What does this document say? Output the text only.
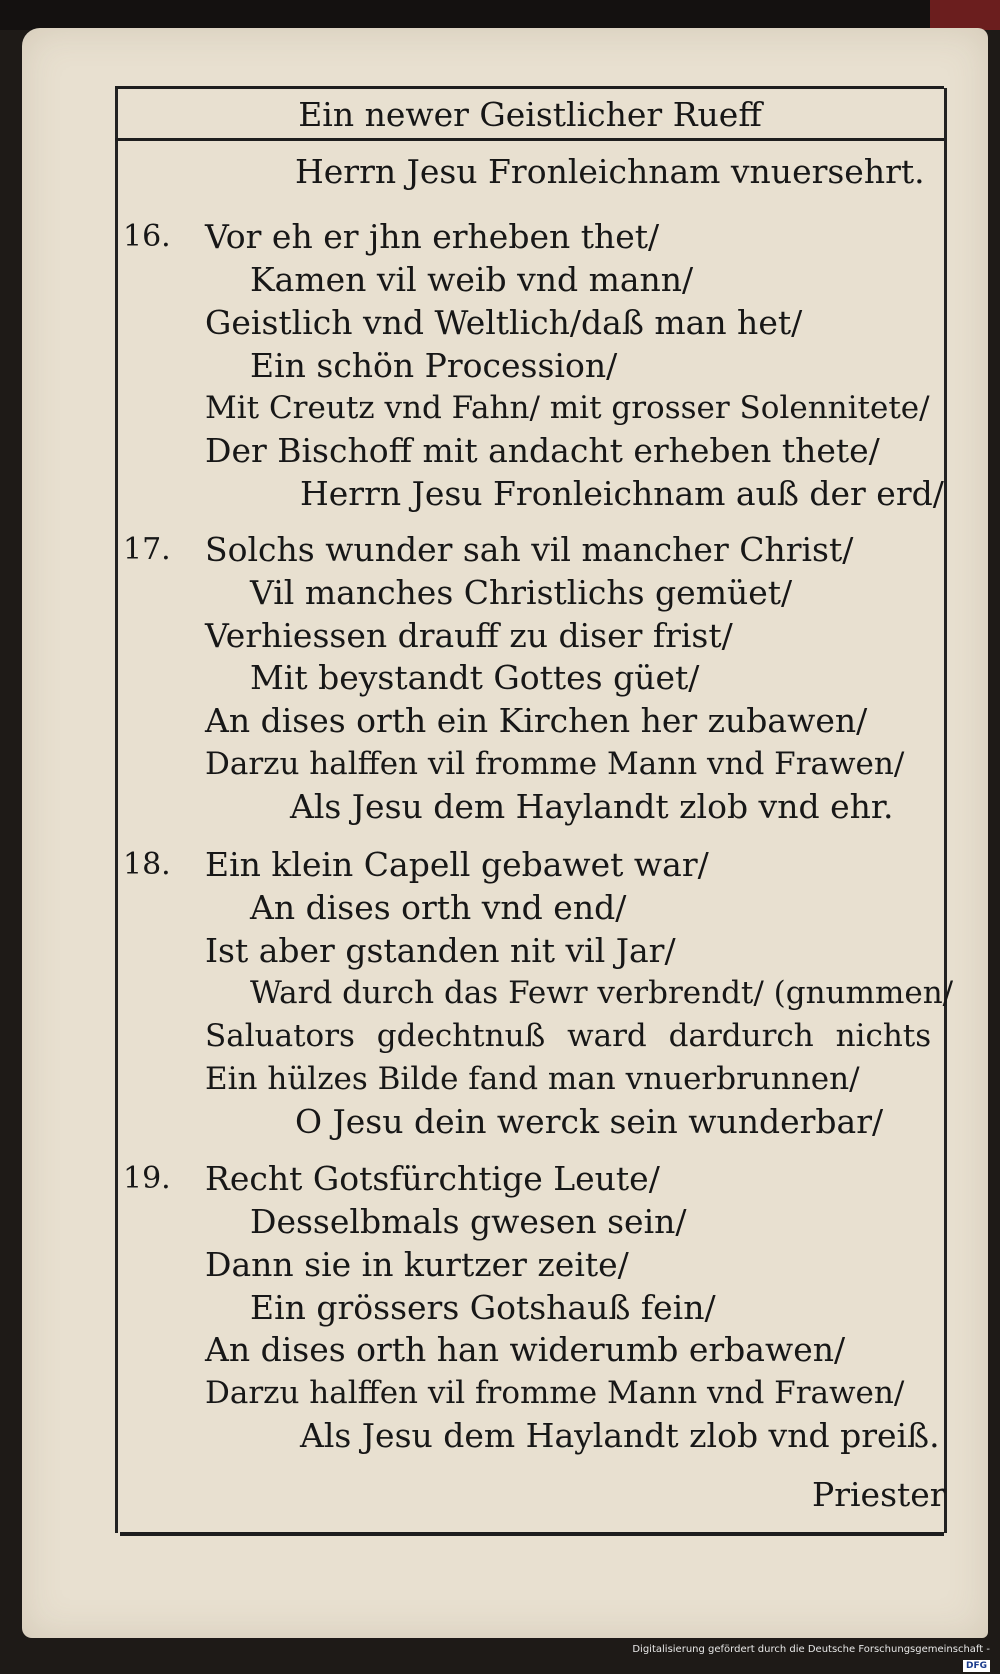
Ein newer Geistlicher Rueff
Herrn Jesu Fronleichnam vnuersehrt.
16. Vor eh er jhn erheben thet/
Kamen vil weib vnd mann/
Geistlich vnd Weltlich/daß man het/
Ein schön Procession/
Mit Creutz vnd Fahn/ mit grosser Solennitete/
Der Bischoff mit andacht erheben thete/
Herrn Jesu Fronleichnam auß der erd/
17. Solchs wunder sah vil mancher Christ/
Vil manches Christlichs gemüet/
Verhiessen drauff zu diser frist/
Mit beystandt Gottes güet/
An dises orth ein Kirchen her zubawen/
Darzu halffen vil fromme Mann vnd Frawen/
Als Jesu dem Haylandt zlob vnd ehr.
18. Ein klein Capell gebawet war/
An dises orth vnd end/
Ist aber gstanden nit vil Jar/
Ward durch das Fewr verbrendt/ (gnummen/
Saluators gdechtnuß ward dardurch nichts
Ein hülzes Bilde fand man vnuerbrunnen/
O Jesu dein werck sein wunderbar/
19. Recht Gotsfürchtige Leute/
Desselbmals gwesen sein/
Dann sie in kurtzer zeite/
Ein grössers Gotshauß fein/
An dises orth han widerumb erbawen/
Darzu halffen vil fromme Mann vnd Frawen/
Als Jesu dem Haylandt zlob vnd preiß.
Priester
Digitalisierung gefördert durch die Deutsche Forschungsgemeinschaft -DFG
